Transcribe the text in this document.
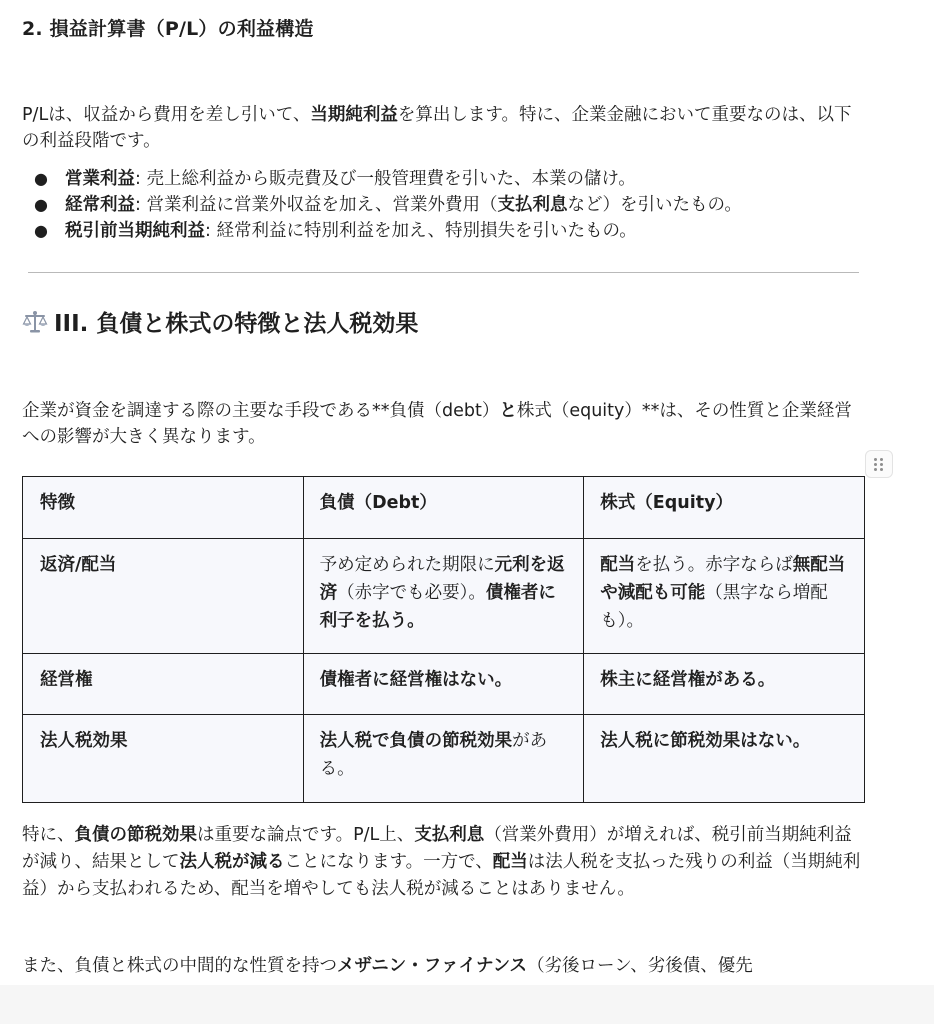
2. 損益計算書（P/L）の利益構造
P/Lは、収益から費用を差し引いて、当期純利益を算出します。特に、企業金融において重要なのは、以下の利益段階です。
● 営業利益: 売上総利益から販売費及び一般管理費を引いた、本業の儲け。
● 経常利益: 営業利益に営業外収益を加え、営業外費用（支払利息など）を引いたもの。
● 税引前当期純利益: 経常利益に特別利益を加え、特別損失を引いたもの。
III. 負債と株式の特徴と法人税効果
企業が資金を調達する際の主要な手段である**負債（debt）と株式（equity）**は、その性質と企業経営への影響が大きく異なります。
特徴	負債（Debt）	株式（Equity）
返済/配当	予め定められた期限に元利を返済（赤字でも必要）。債権者に利子を払う。	配当を払う。赤字ならば無配当や減配も可能（黒字なら増配も）。
経営権	債権者に経営権はない。	株主に経営権がある。
法人税効果	法人税で負債の節税効果がある。	法人税に節税効果はない。
特に、負債の節税効果は重要な論点です。P/L上、支払利息（営業外費用）が増えれば、税引前当期純利益が減り、結果として法人税が減ることになります。一方で、配当は法人税を支払った残りの利益（当期純利益）から支払われるため、配当を増やしても法人税が減ることはありません。
また、負債と株式の中間的な性質を持つメザニン・ファイナンス（劣後ローン、劣後債、優先
